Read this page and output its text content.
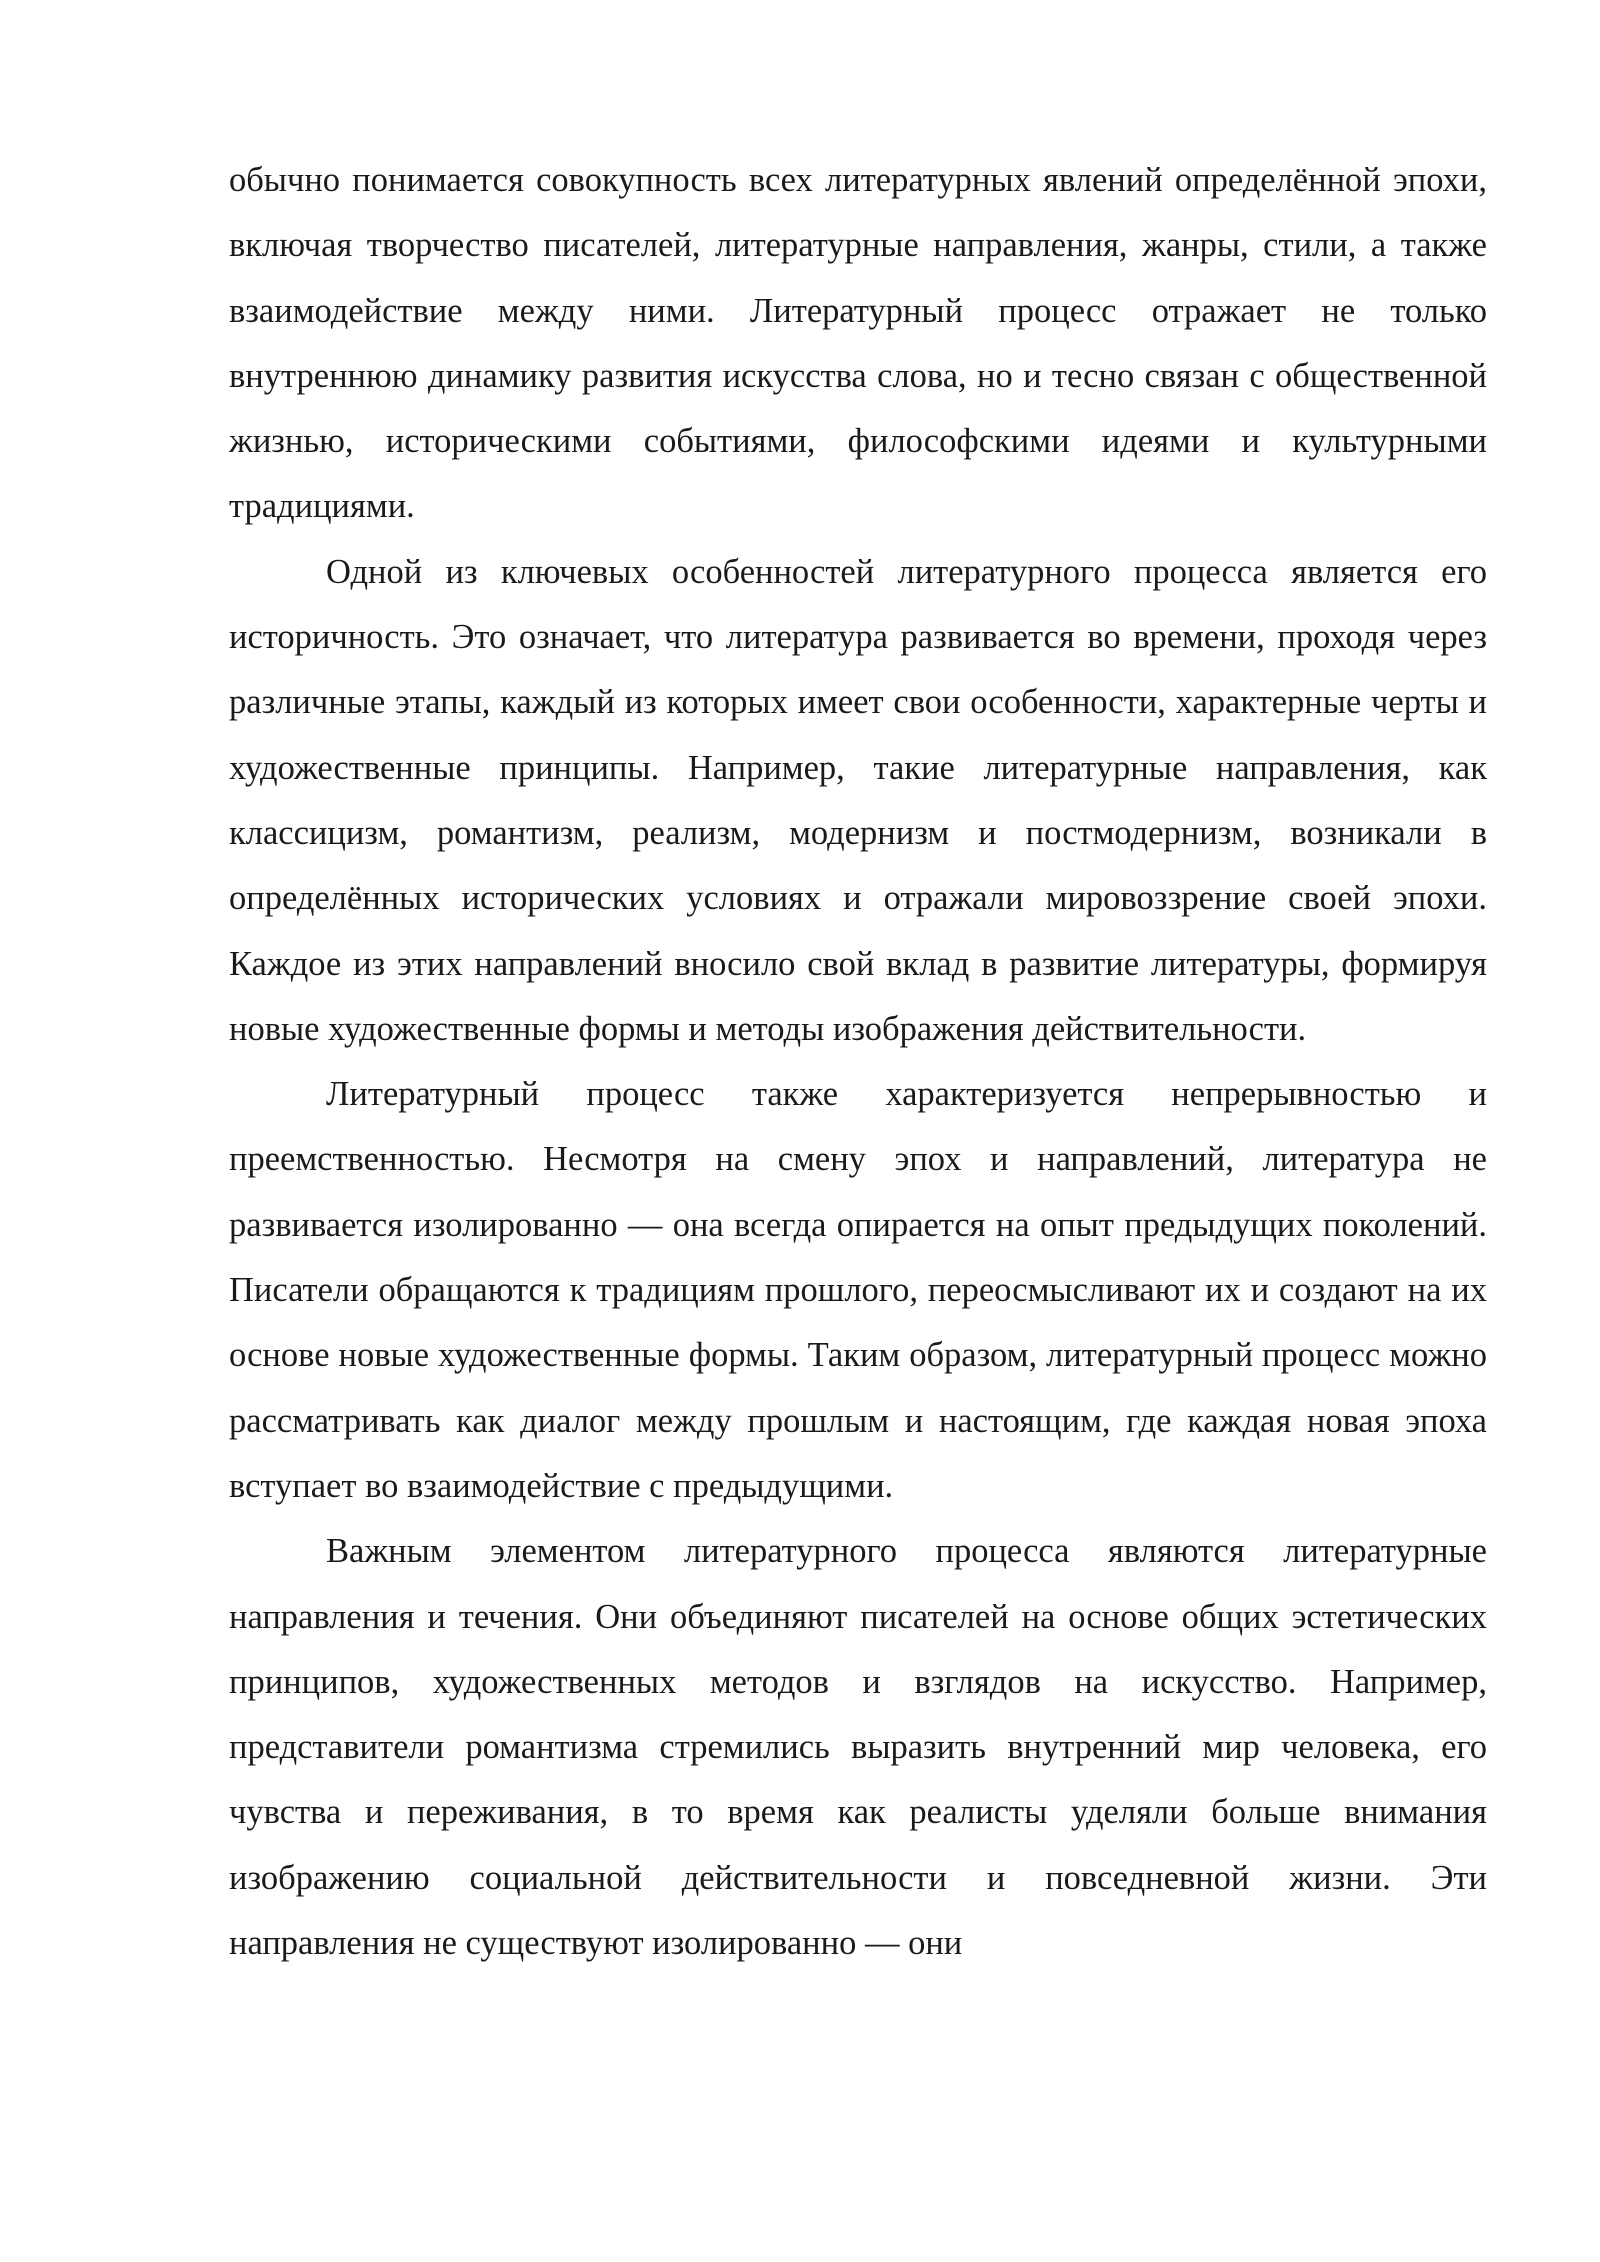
обычно понимается совокупность всех литературных явлений определённой эпохи, включая творчество писателей, литературные направления, жанры, стили, а также взаимодействие между ними. Литературный процесс отражает не только внутреннюю динамику развития искусства слова, но и тесно связан с общественной жизнью, историческими событиями, философскими идеями и культурными традициями.

Одной из ключевых особенностей литературного процесса является его историчность. Это означает, что литература развивается во времени, проходя через различные этапы, каждый из которых имеет свои особенности, характерные черты и художественные принципы. Например, такие литературные направления, как классицизм, романтизм, реализм, модернизм и постмодернизм, возникали в определённых исторических условиях и отражали мировоззрение своей эпохи. Каждое из этих направлений вносило свой вклад в развитие литературы, формируя новые художественные формы и методы изображения действительности.

Литературный процесс также характеризуется непрерывностью и преемственностью. Несмотря на смену эпох и направлений, литература не развивается изолированно — она всегда опирается на опыт предыдущих поколений. Писатели обращаются к традициям прошлого, переосмысливают их и создают на их основе новые художественные формы. Таким образом, литературный процесс можно рассматривать как диалог между прошлым и настоящим, где каждая новая эпоха вступает во взаимодействие с предыдущими.

Важным элементом литературного процесса являются литературные направления и течения. Они объединяют писателей на основе общих эстетических принципов, художественных методов и взглядов на искусство. Например, представители романтизма стремились выразить внутренний мир человека, его чувства и переживания, в то время как реалисты уделяли больше внимания изображению социальной действительности и повседневной жизни. Эти направления не существуют изолированно — они
